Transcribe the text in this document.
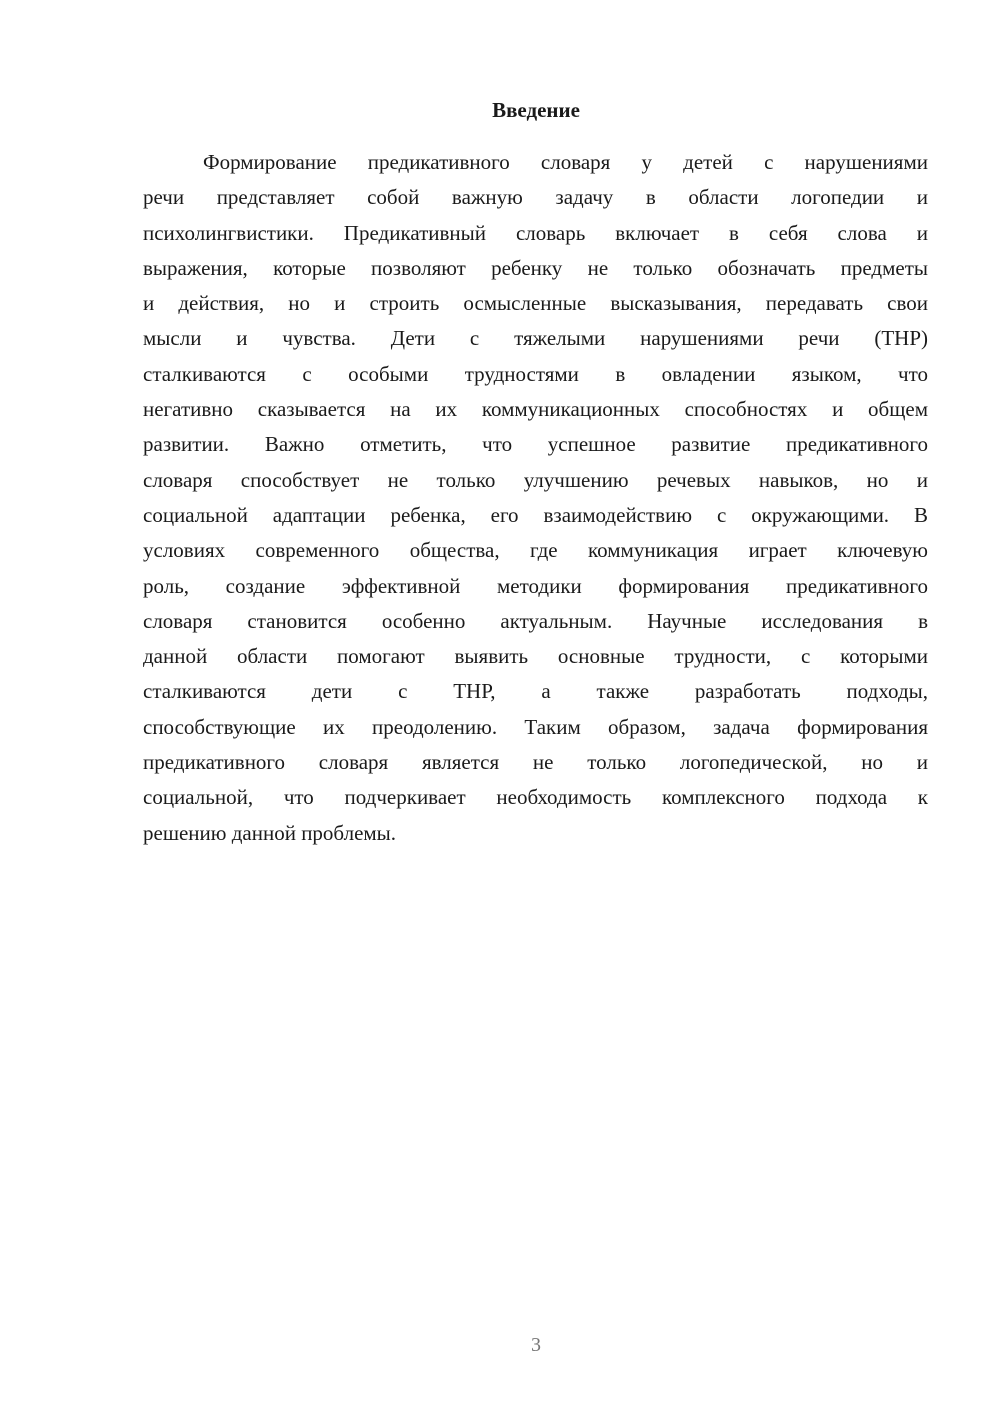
Введение
Формирование предикативного словаря у детей с нарушениями
речи представляет собой важную задачу в области логопедии и
психолингвистики. Предикативный словарь включает в себя слова и
выражения, которые позволяют ребенку не только обозначать предметы
и действия, но и строить осмысленные высказывания, передавать свои
мысли и чувства. Дети с тяжелыми нарушениями речи (ТНР)
сталкиваются с особыми трудностями в овладении языком, что
негативно сказывается на их коммуникационных способностях и общем
развитии. Важно отметить, что успешное развитие предикативного
словаря способствует не только улучшению речевых навыков, но и
социальной адаптации ребенка, его взаимодействию с окружающими. В
условиях современного общества, где коммуникация играет ключевую
роль, создание эффективной методики формирования предикативного
словаря становится особенно актуальным. Научные исследования в
данной области помогают выявить основные трудности, с которыми
сталкиваются дети с ТНР, а также разработать подходы,
способствующие их преодолению. Таким образом, задача формирования
предикативного словаря является не только логопедической, но и
социальной, что подчеркивает необходимость комплексного подхода к
решению данной проблемы.
3
